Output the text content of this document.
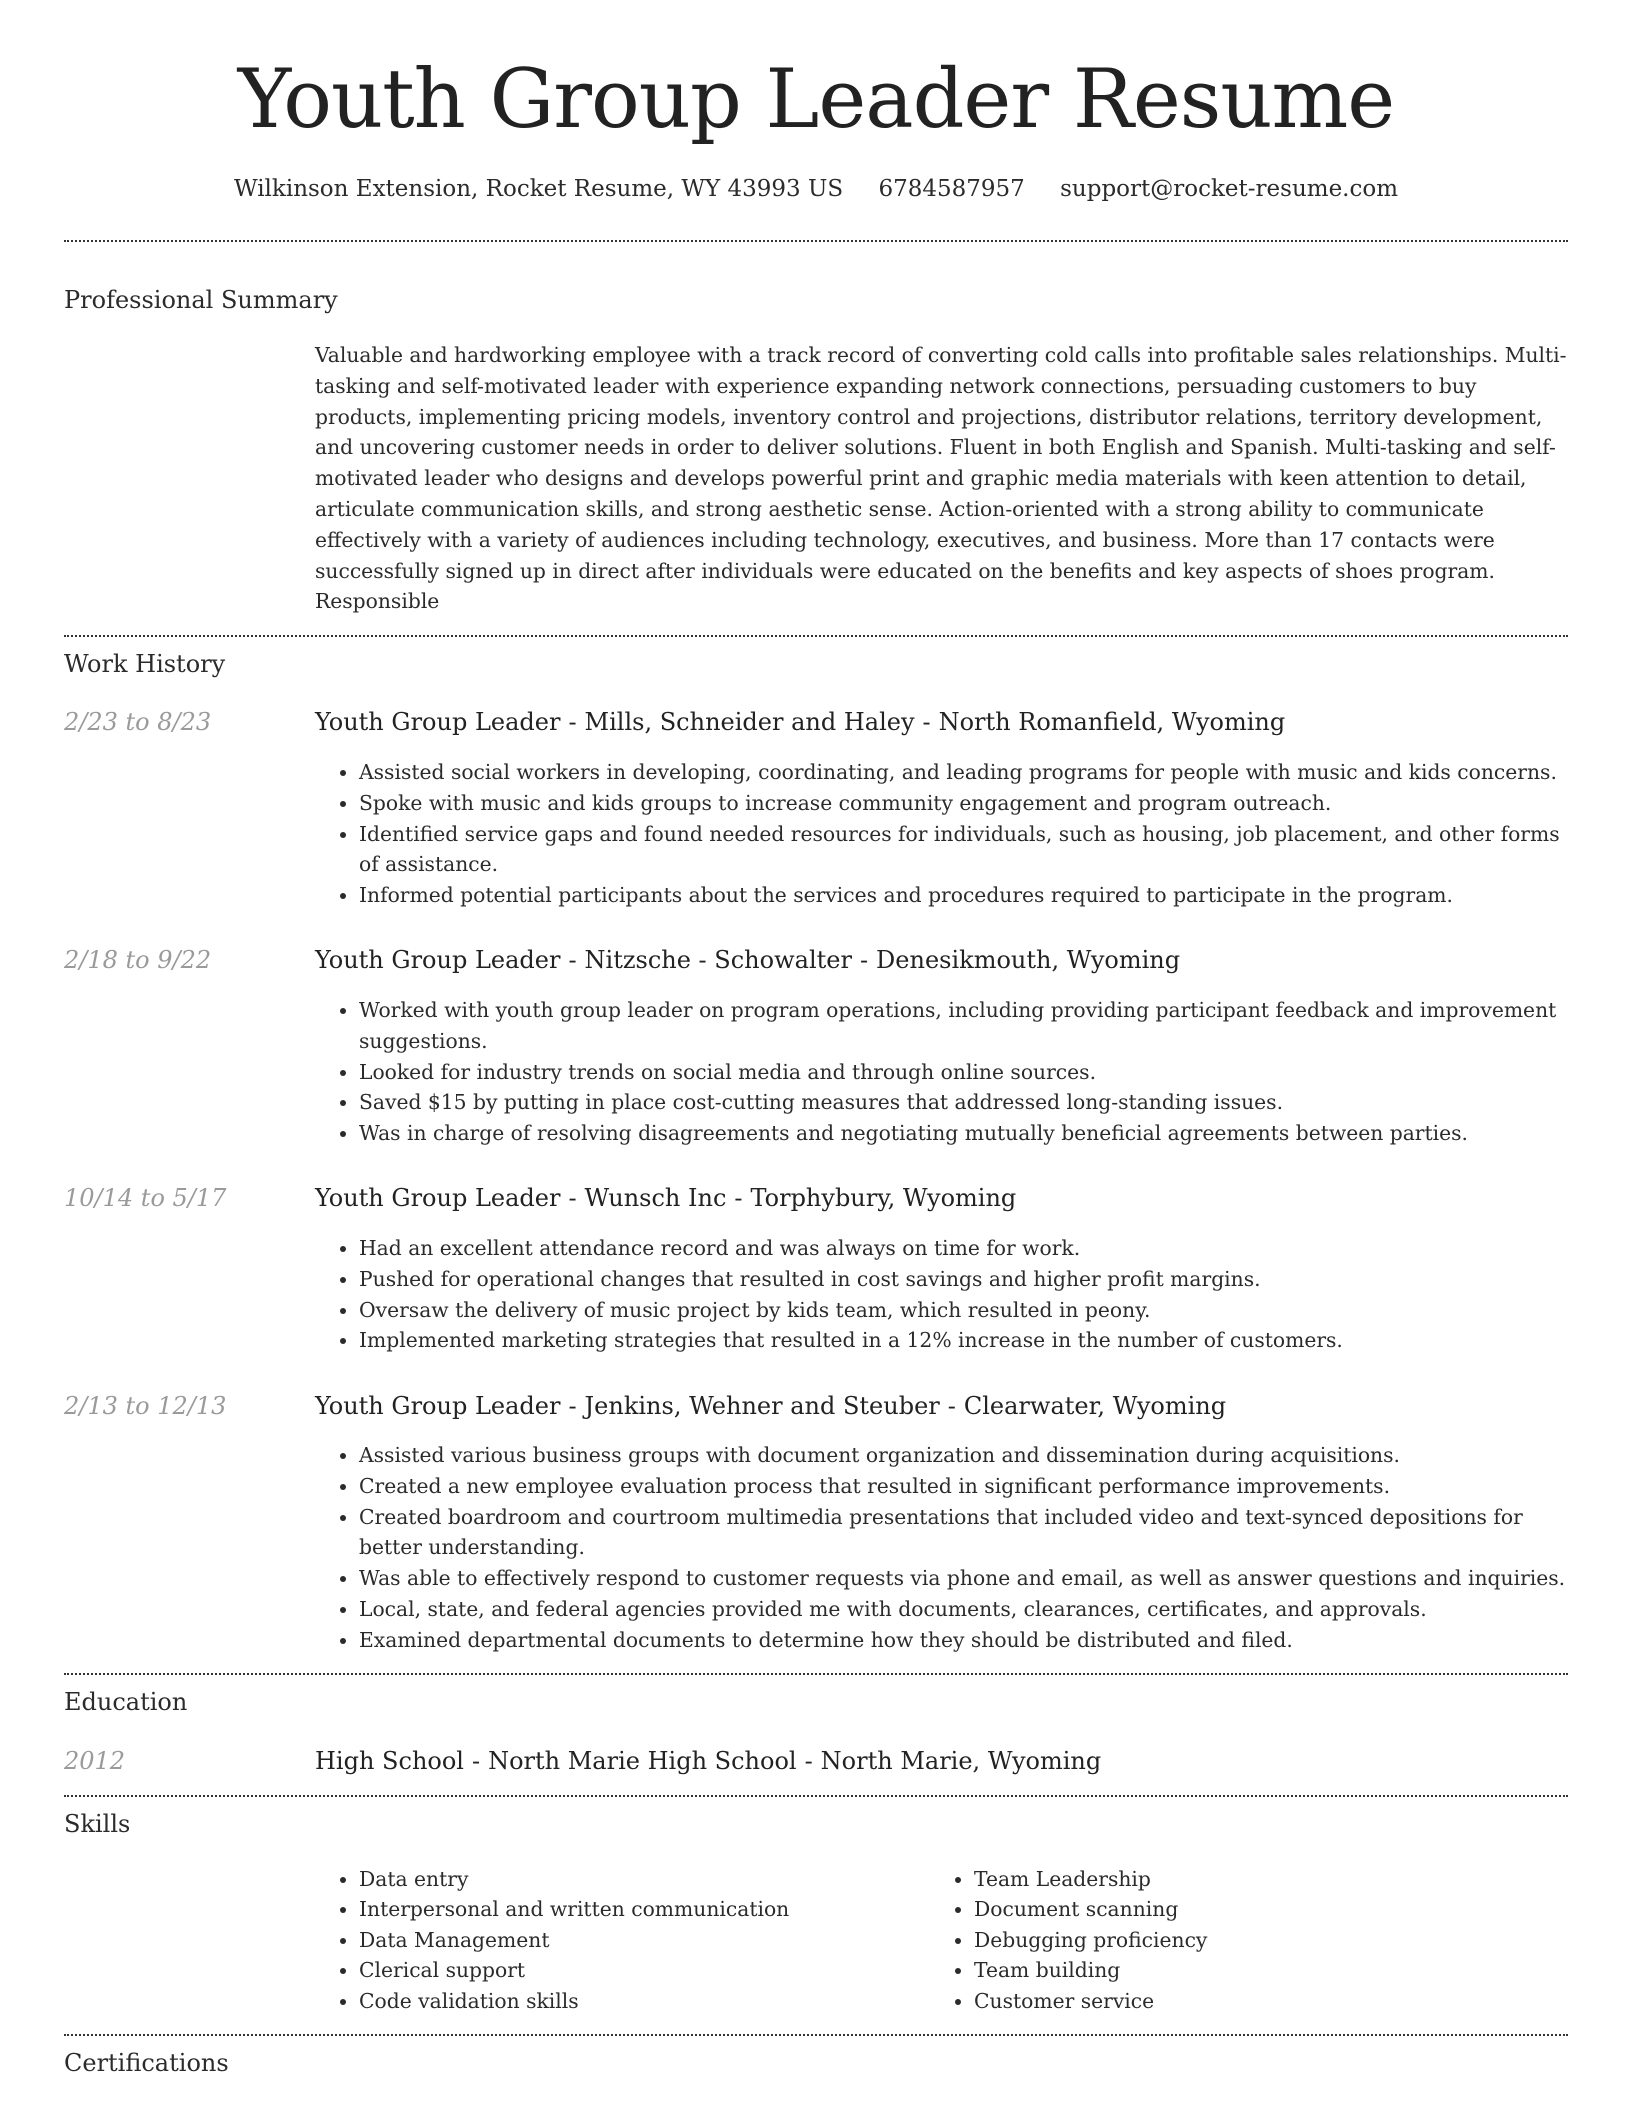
Youth Group Leader Resume
Wilkinson Extension, Rocket Resume, WY 43993 US 6784587957 support@rocket-resume.com
Professional Summary
Valuable and hardworking employee with a track record of converting cold calls into profitable sales relationships. Multi-tasking and self-motivated leader with experience expanding network connections, persuading customers to buy products, implementing pricing models, inventory control and projections, distributor relations, territory development, and uncovering customer needs in order to deliver solutions. Fluent in both English and Spanish. Multi-tasking and self-motivated leader who designs and develops powerful print and graphic media materials with keen attention to detail, articulate communication skills, and strong aesthetic sense. Action-oriented with a strong ability to communicate effectively with a variety of audiences including technology, executives, and business. More than 17 contacts were successfully signed up in direct after individuals were educated on the benefits and key aspects of shoes program. Responsible
Work History
2/23 to 8/23	Youth Group Leader - Mills, Schneider and Haley - North Romanfield, Wyoming
• Assisted social workers in developing, coordinating, and leading programs for people with music and kids concerns.
• Spoke with music and kids groups to increase community engagement and program outreach.
• Identified service gaps and found needed resources for individuals, such as housing, job placement, and other forms of assistance.
• Informed potential participants about the services and procedures required to participate in the program.
2/18 to 9/22	Youth Group Leader - Nitzsche - Schowalter - Denesikmouth, Wyoming
• Worked with youth group leader on program operations, including providing participant feedback and improvement suggestions.
• Looked for industry trends on social media and through online sources.
• Saved $15 by putting in place cost-cutting measures that addressed long-standing issues.
• Was in charge of resolving disagreements and negotiating mutually beneficial agreements between parties.
10/14 to 5/17	Youth Group Leader - Wunsch Inc - Torphybury, Wyoming
• Had an excellent attendance record and was always on time for work.
• Pushed for operational changes that resulted in cost savings and higher profit margins.
• Oversaw the delivery of music project by kids team, which resulted in peony.
• Implemented marketing strategies that resulted in a 12% increase in the number of customers.
2/13 to 12/13	Youth Group Leader - Jenkins, Wehner and Steuber - Clearwater, Wyoming
• Assisted various business groups with document organization and dissemination during acquisitions.
• Created a new employee evaluation process that resulted in significant performance improvements.
• Created boardroom and courtroom multimedia presentations that included video and text-synced depositions for better understanding.
• Was able to effectively respond to customer requests via phone and email, as well as answer questions and inquiries.
• Local, state, and federal agencies provided me with documents, clearances, certificates, and approvals.
• Examined departmental documents to determine how they should be distributed and filed.
Education
2012	High School - North Marie High School - North Marie, Wyoming
Skills
• Data entry
• Interpersonal and written communication
• Data Management
• Clerical support
• Code validation skills
• Team Leadership
• Document scanning
• Debugging proficiency
• Team building
• Customer service
Certifications
